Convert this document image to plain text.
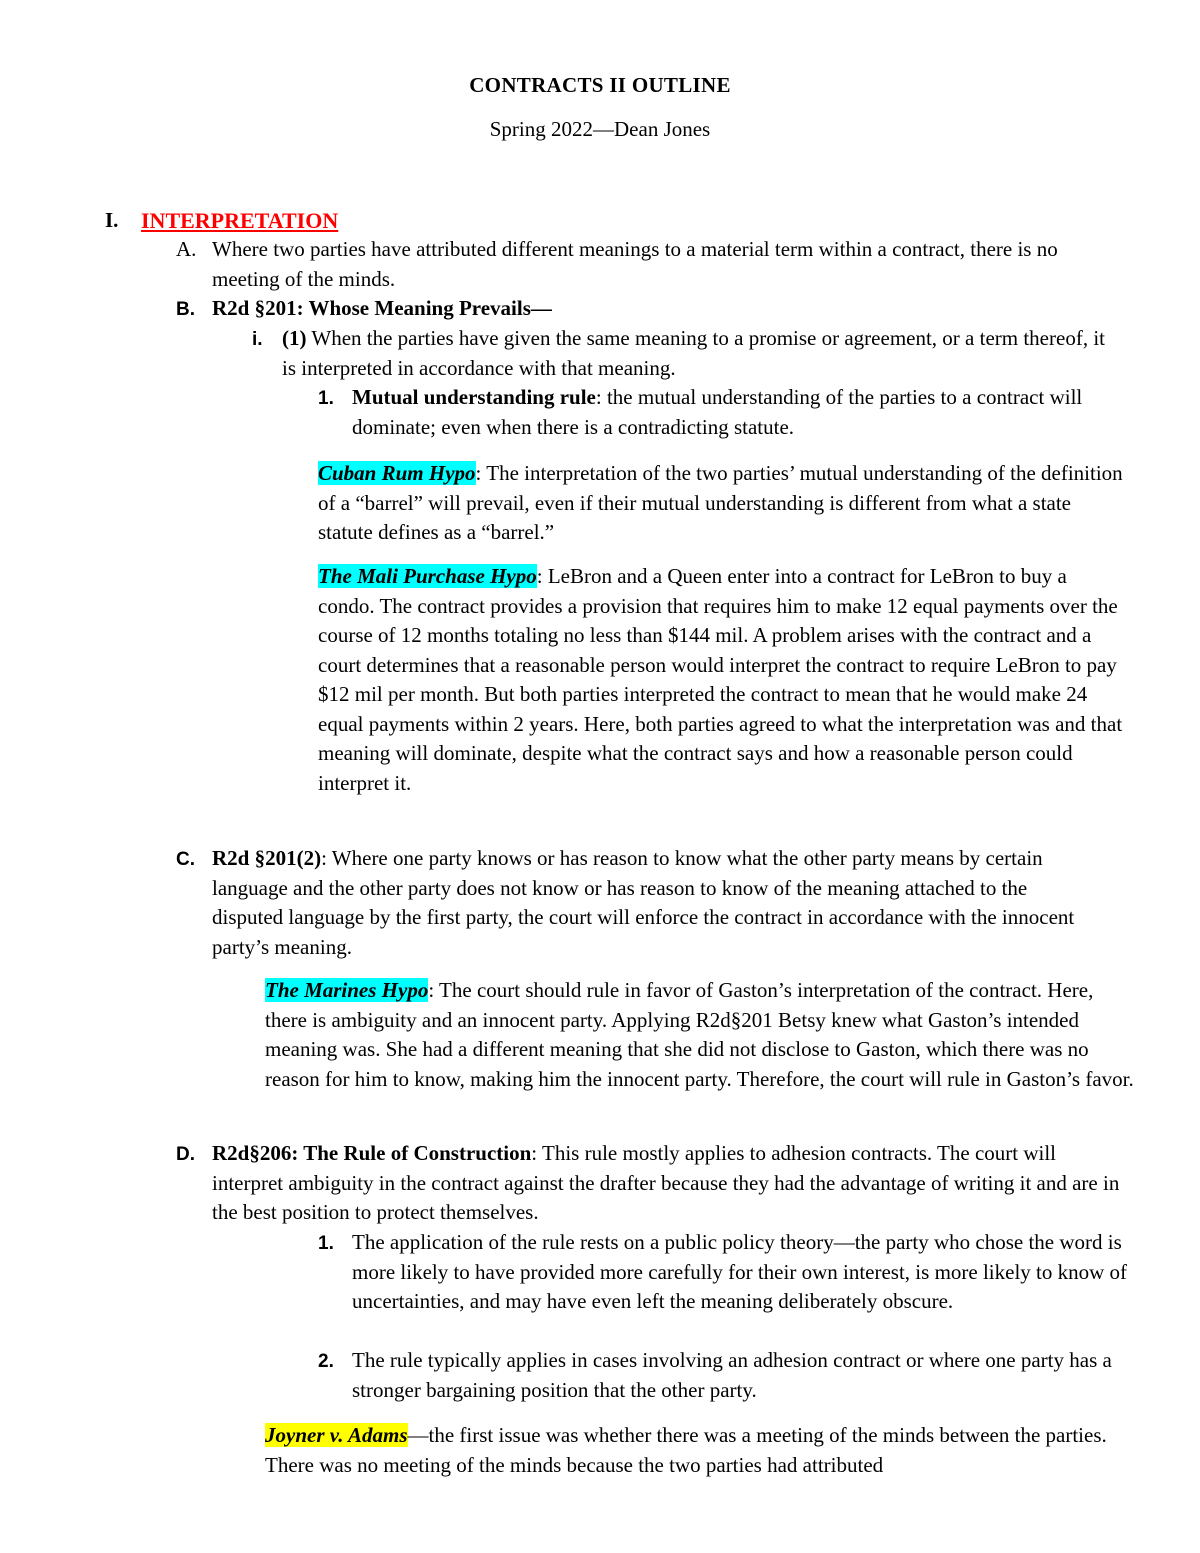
CONTRACTS II OUTLINE
Spring 2022—Dean Jones
I. INTERPRETATION
A. Where two parties have attributed different meanings to a material term within a contract, there is no meeting of the minds.
B. R2d §201: Whose Meaning Prevails—
i. (1) When the parties have given the same meaning to a promise or agreement, or a term thereof, it is interpreted in accordance with that meaning.
1. Mutual understanding rule: the mutual understanding of the parties to a contract will dominate; even when there is a contradicting statute.
Cuban Rum Hypo: The interpretation of the two parties’ mutual understanding of the definition of a “barrel” will prevail, even if their mutual understanding is different from what a state statute defines as a “barrel.”
The Mali Purchase Hypo: LeBron and a Queen enter into a contract for LeBron to buy a condo. The contract provides a provision that requires him to make 12 equal payments over the course of 12 months totaling no less than $144 mil. A problem arises with the contract and a court determines that a reasonable person would interpret the contract to require LeBron to pay $12 mil per month. But both parties interpreted the contract to mean that he would make 24 equal payments within 2 years. Here, both parties agreed to what the interpretation was and that meaning will dominate, despite what the contract says and how a reasonable person could interpret it.
C. R2d §201(2): Where one party knows or has reason to know what the other party means by certain language and the other party does not know or has reason to know of the meaning attached to the disputed language by the first party, the court will enforce the contract in accordance with the innocent party’s meaning.
The Marines Hypo: The court should rule in favor of Gaston’s interpretation of the contract. Here, there is ambiguity and an innocent party. Applying R2d§201 Betsy knew what Gaston’s intended meaning was. She had a different meaning that she did not disclose to Gaston, which there was no reason for him to know, making him the innocent party. Therefore, the court will rule in Gaston’s favor.
D. R2d§206: The Rule of Construction: This rule mostly applies to adhesion contracts. The court will interpret ambiguity in the contract against the drafter because they had the advantage of writing it and are in the best position to protect themselves.
1. The application of the rule rests on a public policy theory—the party who chose the word is more likely to have provided more carefully for their own interest, is more likely to know of uncertainties, and may have even left the meaning deliberately obscure.
2. The rule typically applies in cases involving an adhesion contract or where one party has a stronger bargaining position that the other party.
Joyner v. Adams—the first issue was whether there was a meeting of the minds between the parties. There was no meeting of the minds because the two parties had attributed
